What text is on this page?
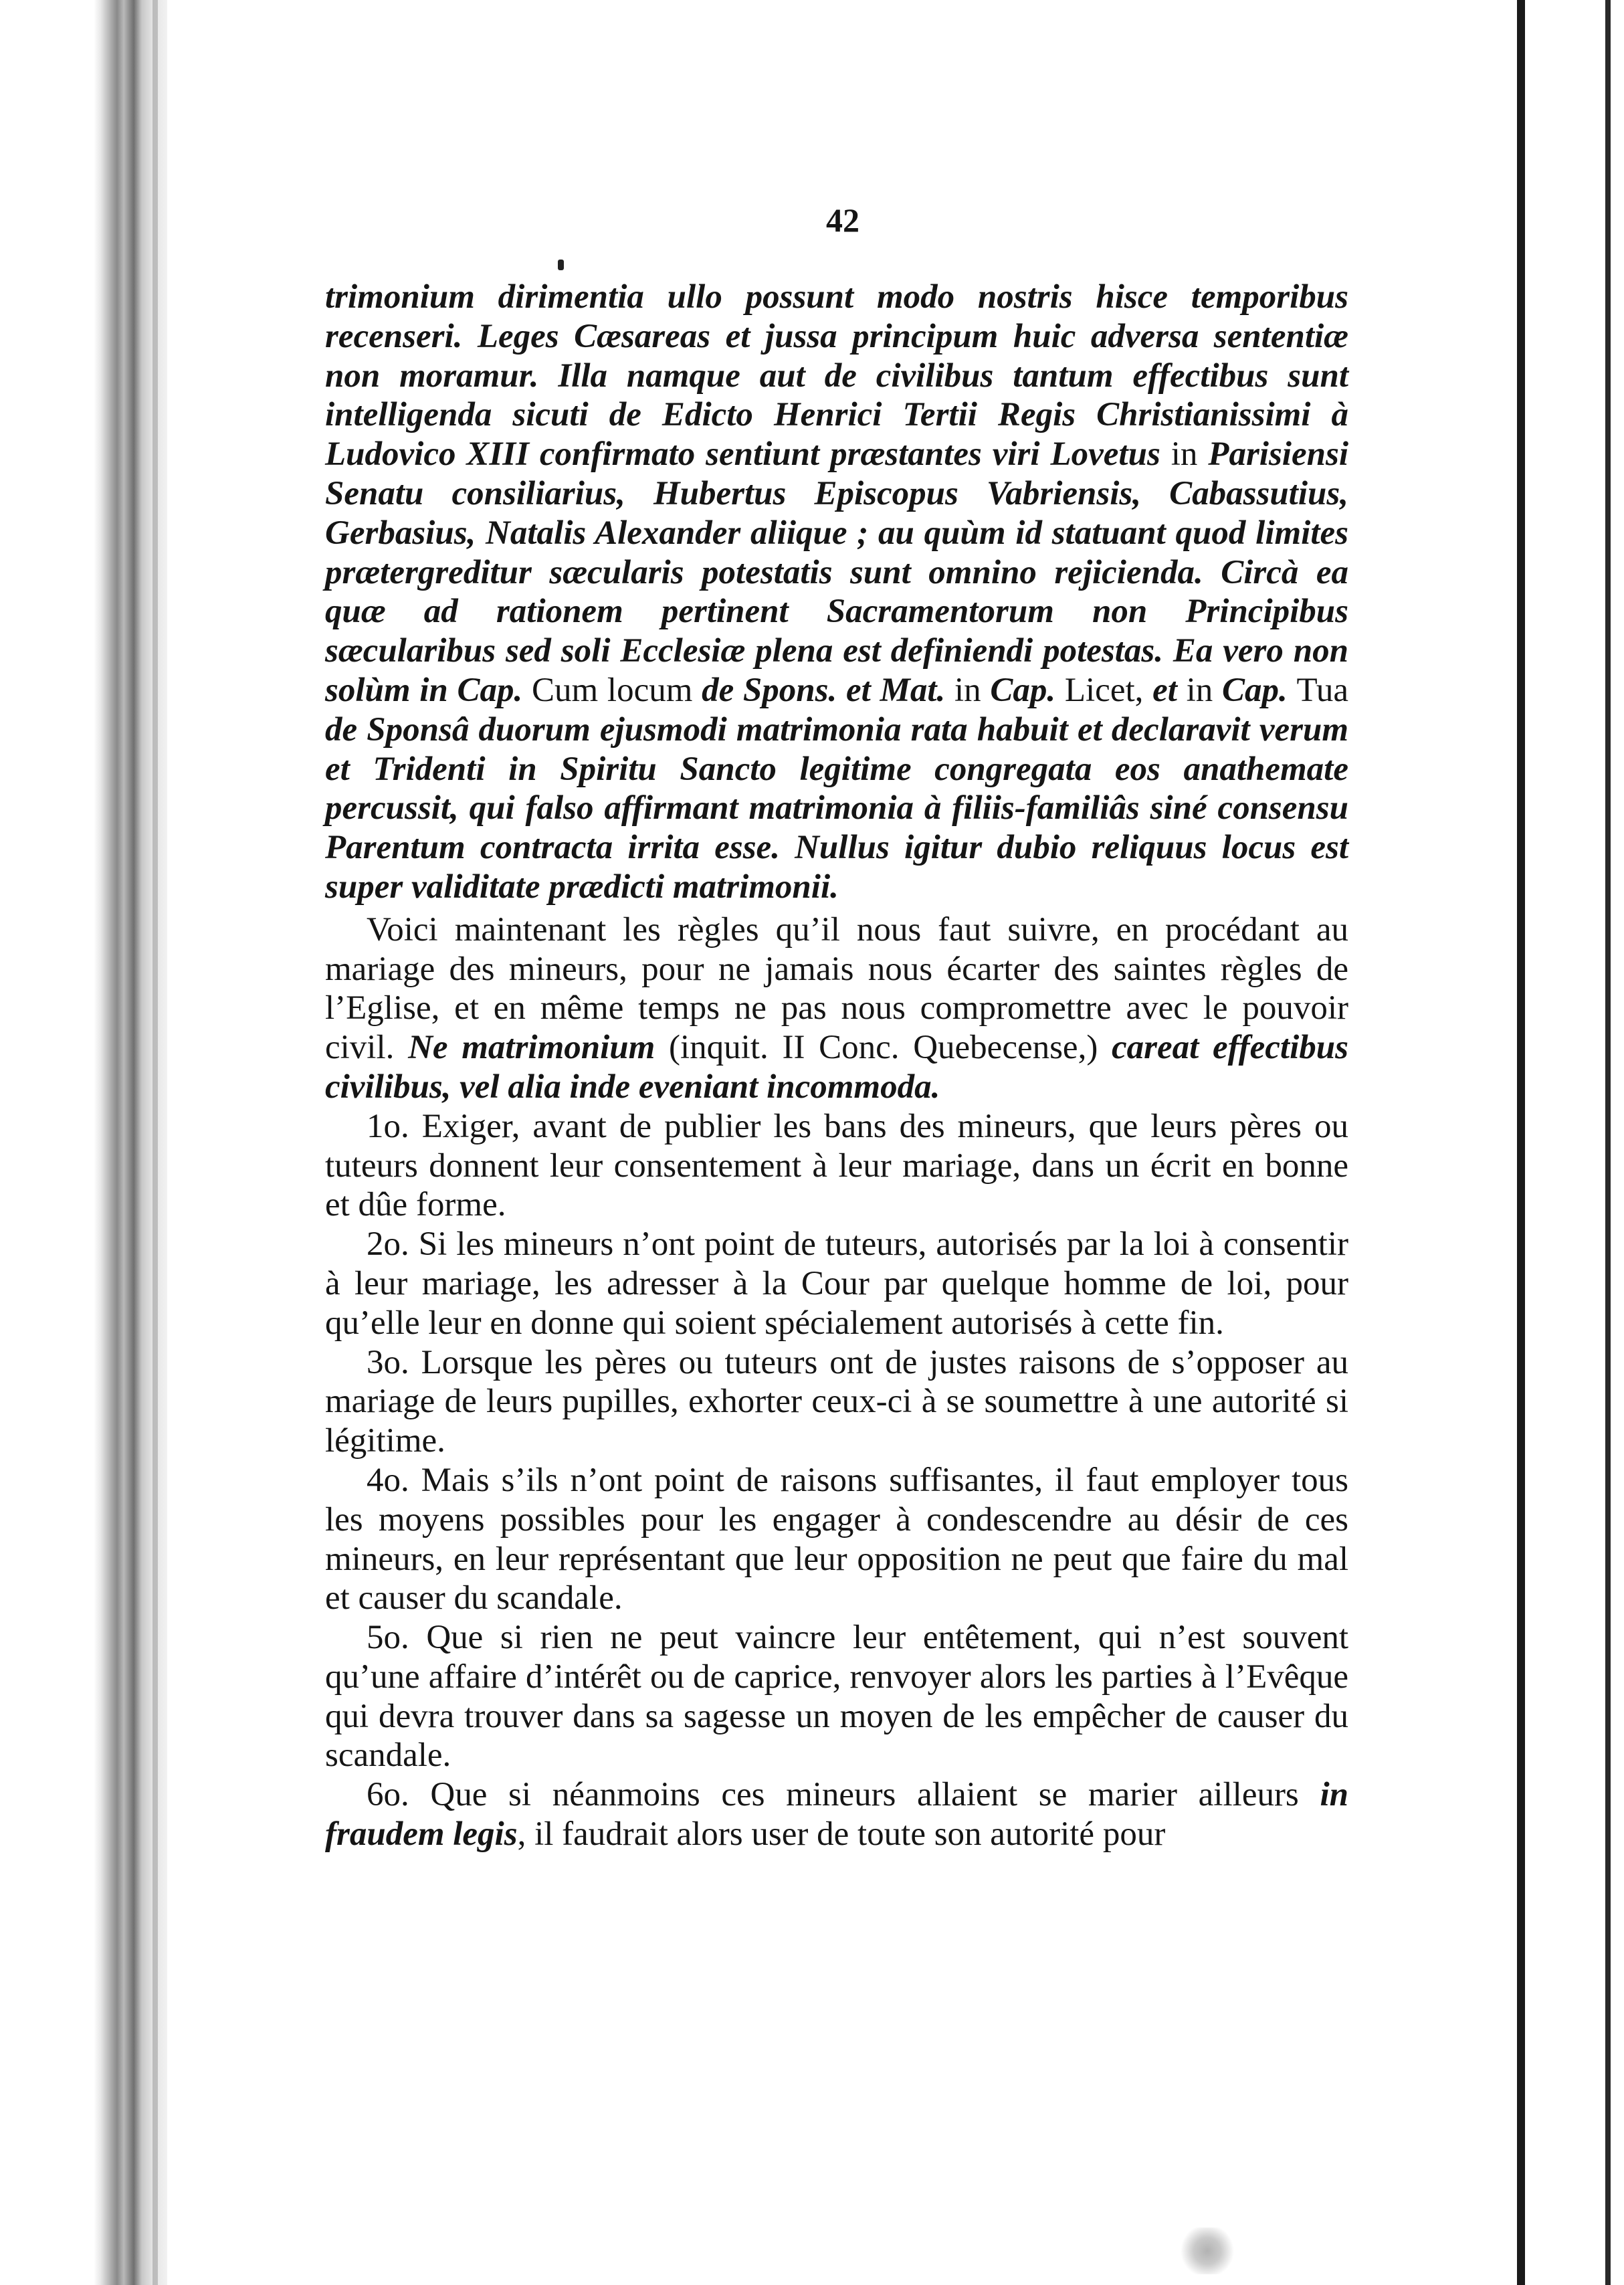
42

trimonium dirimentia ullo possunt modo nostris hisce temporibus recenseri. Leges Cæsareas et jussa principum huic adversa sententiæ non moramur. Illa namque aut de civilibus tantum effectibus sunt intelligenda sicuti de Edicto Henrici Tertii Regis Christianissimi à Ludovico XIII confirmato sentiunt præstantes viri Lovetus in Parisiensi Senatu consiliarius, Hubertus Episcopus Vabriensis, Cabassutius, Gerbasius, Natalis Alexander aliique ; au quùm id statuant quod limites prætergreditur sæcularis potestatis sunt omnino rejicienda. Circà ea quæ ad rationem pertinent Sacramentorum non Principibus sæcularibus sed soli Ecclesiæ plena est definiendi potestas. Ea vero non solùm in Cap. Cum locum de Spons. et Mat. in Cap. Licet, et in Cap. Tua de Sponsâ duorum ejusmodi matrimonia rata habuit et declaravit verum et Tridenti in Spiritu Sancto legitime congregata eos anathemate percussit, qui falso affirmant matrimonia à filiis-familiâs siné consensu Parentum contracta irrita esse. Nullus igitur dubio reliquus locus est super validitate prædicti matrimonii.

Voici maintenant les règles qu’il nous faut suivre, en procédant au mariage des mineurs, pour ne jamais nous écarter des saintes règles de l’Eglise, et en même temps ne pas nous compromettre avec le pouvoir civil. Ne matrimonium (inquit. II Conc. Quebecense,) careat effectibus civilibus, vel alia inde eveniant incommoda.

1o. Exiger, avant de publier les bans des mineurs, que leurs pères ou tuteurs donnent leur consentement à leur mariage, dans un écrit en bonne et dûe forme.

2o. Si les mineurs n’ont point de tuteurs, autorisés par la loi à consentir à leur mariage, les adresser à la Cour par quelque homme de loi, pour qu’elle leur en donne qui soient spécialement autorisés à cette fin.

3o. Lorsque les pères ou tuteurs ont de justes raisons de s’opposer au mariage de leurs pupilles, exhorter ceux-ci à se soumettre à une autorité si légitime.

4o. Mais s’ils n’ont point de raisons suffisantes, il faut employer tous les moyens possibles pour les engager à condescendre au désir de ces mineurs, en leur représentant que leur opposition ne peut que faire du mal et causer du scandale.

5o. Que si rien ne peut vaincre leur entêtement, qui n’est souvent qu’une affaire d’intérêt ou de caprice, renvoyer alors les parties à l’Evêque qui devra trouver dans sa sagesse un moyen de les empêcher de causer du scandale.

6o. Que si néanmoins ces mineurs allaient se marier ailleurs in fraudem legis, il faudrait alors user de toute son autorité pour
